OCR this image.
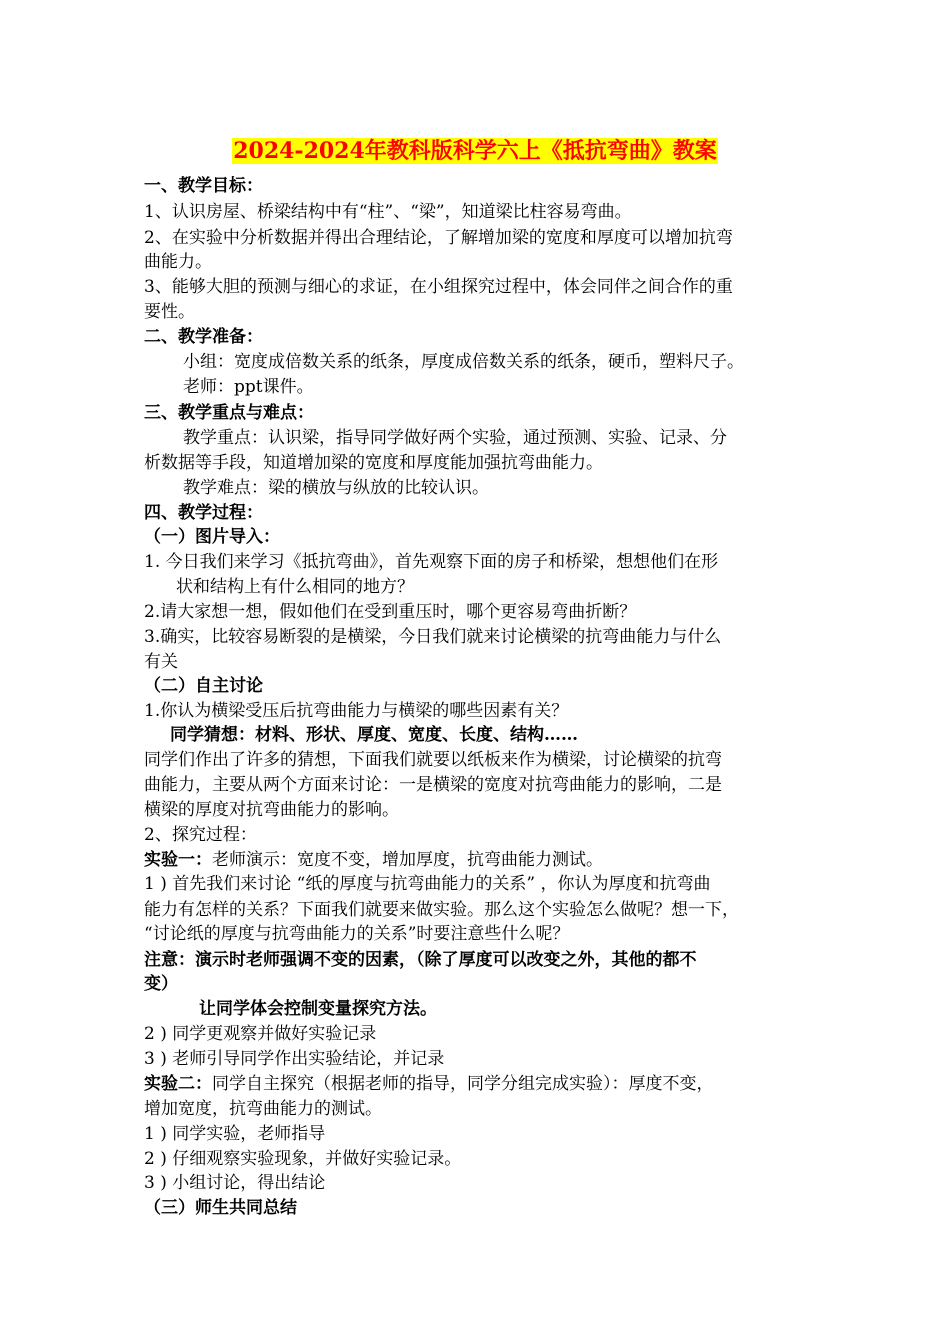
2024-2024年教科版科学六上《抵抗弯曲》教案
一、教学目标：
1、认识房屋、桥梁结构中有“柱”、“梁”，知道梁比柱容易弯曲。
2、在实验中分析数据并得出合理结论，了解增加梁的宽度和厚度可以增加抗弯
曲能力。
3、能够大胆的预测与细心的求证，在小组探究过程中，体会同伴之间合作的重
要性。
二、教学准备：
小组：宽度成倍数关系的纸条，厚度成倍数关系的纸条，硬币，塑料尺子。
老师：ppt课件。
三、教学重点与难点：
教学重点：认识梁，指导同学做好两个实验，通过预测、实验、记录、分
析数据等手段，知道增加梁的宽度和厚度能加强抗弯曲能力。
教学难点：梁的横放与纵放的比较认识。
四、教学过程：
（一）图片导入：
1. 今日我们来学习《抵抗弯曲》，首先观察下面的房子和桥梁，想想他们在形
状和结构上有什么相同的地方？
2.请大家想一想，假如他们在受到重压时，哪个更容易弯曲折断？
3.确实，比较容易断裂的是横梁，今日我们就来讨论横梁的抗弯曲能力与什么
有关
（二）自主讨论
1.你认为横梁受压后抗弯曲能力与横梁的哪些因素有关？
同学猜想：材料、形状、厚度、宽度、长度、结构……
同学们作出了许多的猜想，下面我们就要以纸板来作为横梁，讨论横梁的抗弯
曲能力，主要从两个方面来讨论：一是横梁的宽度对抗弯曲能力的影响，二是
横梁的厚度对抗弯曲能力的影响。
2、探究过程：
实验一：老师演示：宽度不变，增加厚度，抗弯曲能力测试。
1 ) 首先我们来讨论 “纸的厚度与抗弯曲能力的关系” ，你认为厚度和抗弯曲
能力有怎样的关系？下面我们就要来做实验。那么这个实验怎么做呢？想一下，
“讨论纸的厚度与抗弯曲能力的关系”时要注意些什么呢？
注意：演示时老师强调不变的因素，（除了厚度可以改变之外，其他的都不
变）
让同学体会控制变量探究方法。
2 ) 同学更观察并做好实验记录
3 ) 老师引导同学作出实验结论，并记录
实验二：同学自主探究（根据老师的指导，同学分组完成实验）：厚度不变，
增加宽度，抗弯曲能力的测试。
1 ) 同学实验，老师指导
2 ) 仔细观察实验现象，并做好实验记录。
3 ) 小组讨论，得出结论
（三）师生共同总结
